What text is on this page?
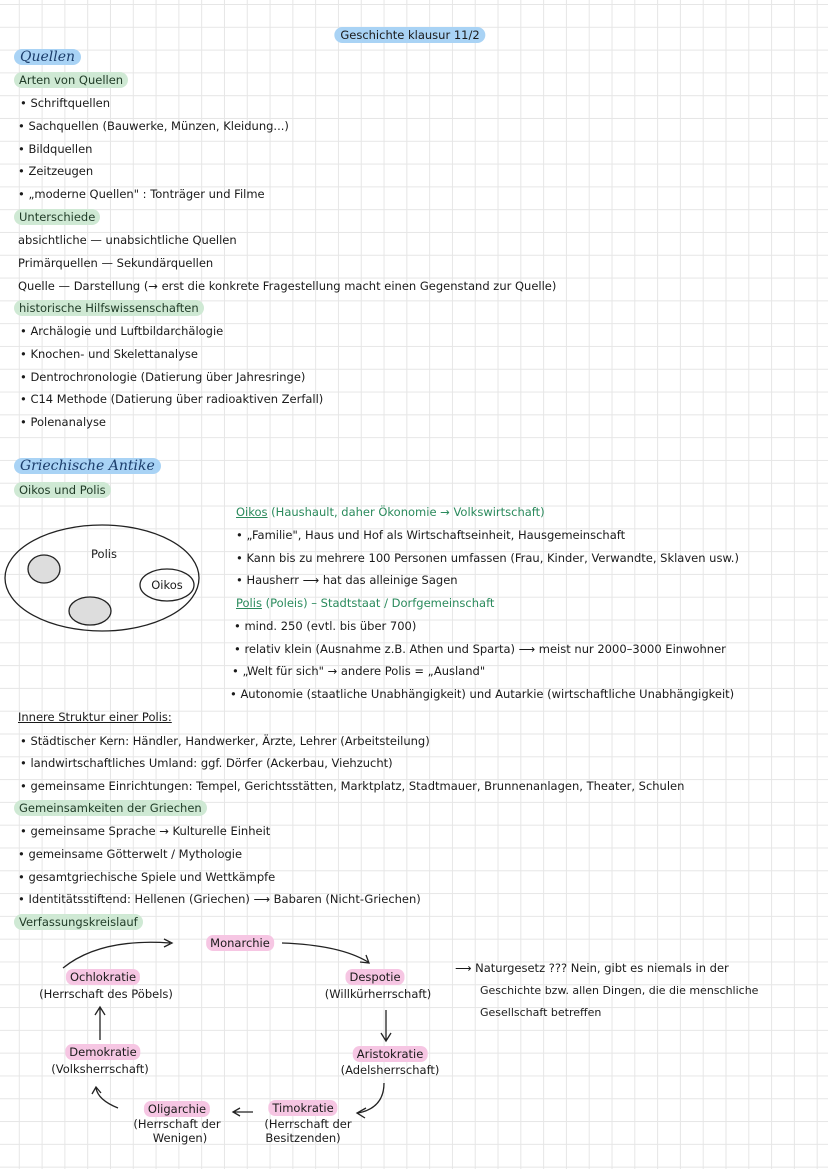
Geschichte klausur 11/2
Quellen
Arten von Quellen
• Schriftquellen
• Sachquellen (Bauwerke, Münzen, Kleidung...)
• Bildquellen
• Zeitzeugen
• „moderne Quellen" : Tonträger und Filme
Unterschiede
absichtliche — unabsichtliche Quellen
Primärquellen — Sekundärquellen
Quelle — Darstellung (→ erst die konkrete Fragestellung macht einen Gegenstand zur Quelle)
historische Hilfswissenschaften
• Archälogie und Luftbildarchälogie
• Knochen- und Skelettanalyse
• Dentrochronologie (Datierung über Jahresringe)
• C14 Methode (Datierung über radioaktiven Zerfall)
• Polenanalyse
Griechische Antike
Oikos und Polis
Polis
Oikos
Oikos (Haushault, daher Ökonomie → Volkswirtschaft)
• „Familie", Haus und Hof als Wirtschaftseinheit, Hausgemeinschaft
• Kann bis zu mehrere 100 Personen umfassen (Frau, Kinder, Verwandte, Sklaven usw.)
• Hausherr ⟶ hat das alleinige Sagen
Polis (Poleis) – Stadtstaat / Dorfgemeinschaft
• mind. 250 (evtl. bis über 700)
• relativ klein (Ausnahme z.B. Athen und Sparta) ⟶ meist nur 2000–3000 Einwohner
• „Welt für sich" → andere Polis = „Ausland"
• Autonomie (staatliche Unabhängigkeit) und Autarkie (wirtschaftliche Unabhängigkeit)
Innere Struktur einer Polis:
• Städtischer Kern: Händler, Handwerker, Ärzte, Lehrer (Arbeitsteilung)
• landwirtschaftliches Umland: ggf. Dörfer (Ackerbau, Viehzucht)
• gemeinsame Einrichtungen: Tempel, Gerichtsstätten, Marktplatz, Stadtmauer, Brunnenanlagen, Theater, Schulen
Gemeinsamkeiten der Griechen
• gemeinsame Sprache → Kulturelle Einheit
• gemeinsame Götterwelt / Mythologie
• gesamtgriechische Spiele und Wettkämpfe
• Identitätsstiftend: Hellenen (Griechen) ⟶ Babaren (Nicht-Griechen)
Verfassungskreislauf
Monarchie
Ochlokratie
(Herrschaft des Pöbels)
Despotie
(Willkürherrschaft)
Demokratie
(Volksherrschaft)
Aristokratie
(Adelsherrschaft)
Oligarchie
(Herrschaft der
Wenigen)
Timokratie
(Herrschaft der
Besitzenden)
⟶ Naturgesetz ??? Nein, gibt es niemals in der
Geschichte bzw. allen Dingen, die die menschliche
Gesellschaft betreffen
